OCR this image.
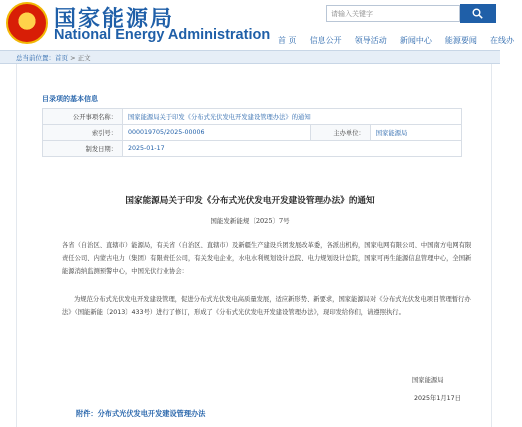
★ 国家能源局
National Energy Administration
请输入关键字
首 页 信息公开 领导活动 新闻中心 能源要闻 在线办
总当前位置：首页 > 正文
目录项的基本信息
公开事项名称：	国家能源局关于印发《分布式光伏发电开发建设管理办法》的通知		
索引号：	000019705/2025-00006	主办单位：	国家能源局
制发日期：	2025-01-17		
国家能源局关于印发《分布式光伏发电开发建设管理办法》的通知
国能发新能规〔2025〕7号
各省（自治区、直辖市）能源局，有关省（自治区、直辖市）及新疆生产建设兵团发展改革委，各派出机构，国家电网有限公司、中国南方电网有限责任公司、内蒙古电力（集团）有限责任公司，有关发电企业，水电水利规划设计总院、电力规划设计总院，国家可再生能源信息管理中心，全国新能源消纳监测预警中心，中国光伏行业协会：
为规范分布式光伏发电开发建设管理，促进分布式光伏发电高质量发展，适应新形势、新要求，国家能源局对《分布式光伏发电项目管理暂行办法》（国能新能〔2013〕433号）进行了修订，形成了《分布式光伏发电开发建设管理办法》，现印发给你们，请遵照执行。
国家能源局
2025年1月17日
附件：分布式光伏发电开发建设管理办法
